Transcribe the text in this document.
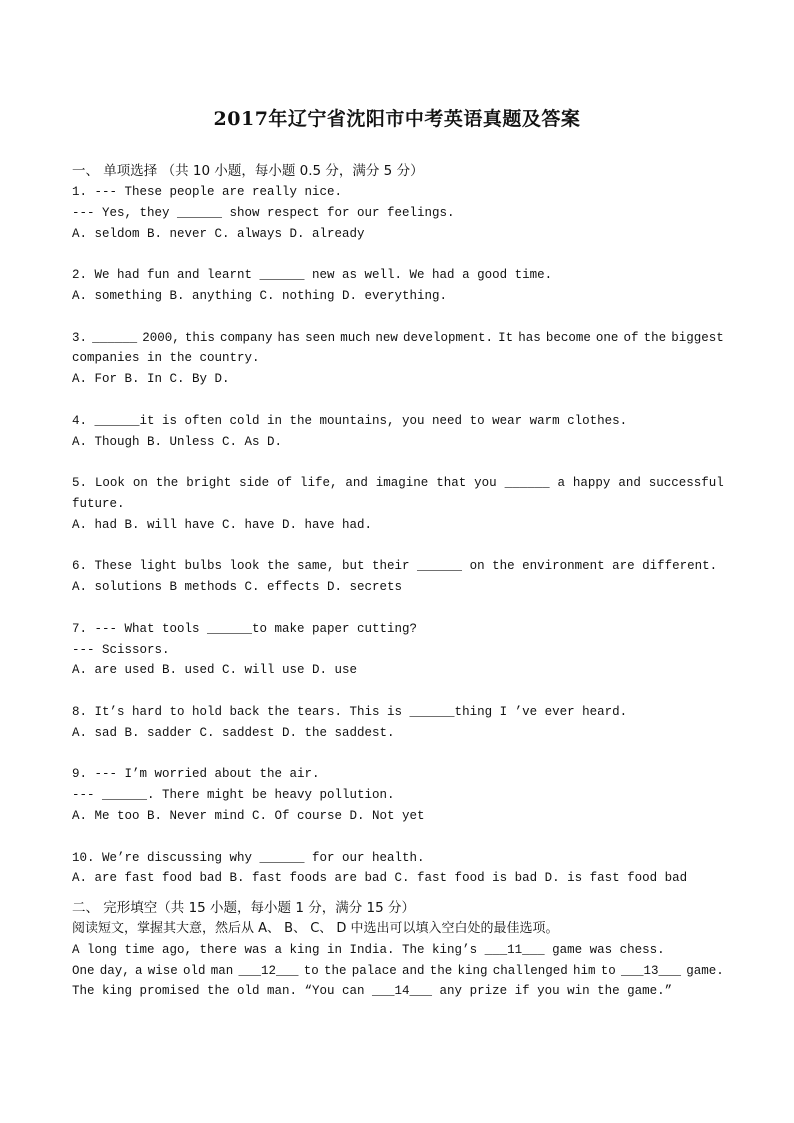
2017年辽宁省沈阳市中考英语真题及答案
一、 单项选择 （共 10 小题，每小题 0.5 分，满分 5 分）
1. --- These people are really nice.
--- Yes, they ______ show respect for our feelings.
A. seldom B. never C. always D. already
2. We had fun and learnt ______ new as well. We had a good time.
A. something B. anything C. nothing D. everything.
3. ______ 2000, this company has seen much new development. It has become one of the biggest
companies in the country.
A. For B. In C. By D.
4. ______it is often cold in the mountains, you need to wear warm clothes.
A. Though B. Unless C. As D.
5. Look on the bright side of life, and imagine that you ______ a happy and successful
future.
A. had B. will have C. have D. have had.
6. These light bulbs look the same, but their ______ on the environment are different.
A. solutions B methods C. effects D. secrets
7. --- What tools ______to make paper cutting?
--- Scissors.
A. are used B. used C. will use D. use
8. It’s hard to hold back the tears. This is ______thing I ’ve ever heard.
A. sad B. sadder C. saddest D. the saddest.
9. --- I’m worried about the air.
--- ______. There might be heavy pollution.
A. Me too B. Never mind C. Of course D. Not yet
10. We’re discussing why ______ for our health.
A. are fast food bad B. fast foods are bad C. fast food is bad D. is fast food bad
二、 完形填空（共 15 小题，每小题 1 分，满分 15 分）
阅读短文，掌握其大意，然后从 A、 B、 C、 D 中选出可以填入空白处的最佳选项。
A long time ago, there was a king in India. The king’s ___11___ game was chess.
One day, a wise old man ___12___ to the palace and the king challenged him to ___13___ game.
The king promised the old man. “You can ___14___ any prize if you win the game.”
